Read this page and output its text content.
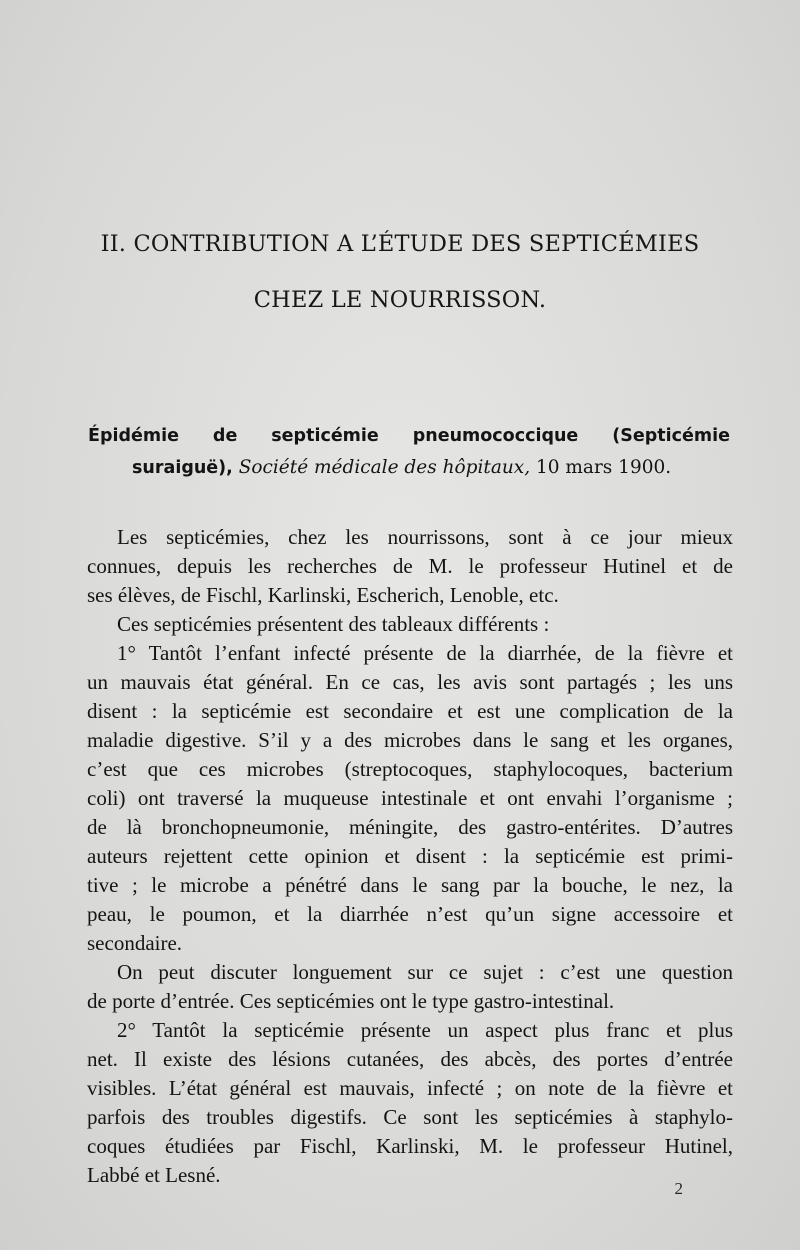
II. CONTRIBUTION A L’ÉTUDE DES SEPTICÉMIES
CHEZ LE NOURRISSON.
Épidémie de septicémie pneumococcique (Septicémie
suraiguë), Société médicale des hôpitaux, 10 mars 1900.
Les septicémies, chez les nourrissons, sont à ce jour mieux
connues, depuis les recherches de M. le professeur Hutinel et de
ses élèves, de Fischl, Karlinski, Escherich, Lenoble, etc.
Ces septicémies présentent des tableaux différents :
1° Tantôt l’enfant infecté présente de la diarrhée, de la fièvre et
un mauvais état général. En ce cas, les avis sont partagés ; les uns
disent : la septicémie est secondaire et est une complication de la
maladie digestive. S’il y a des microbes dans le sang et les organes,
c’est que ces microbes (streptocoques, staphylocoques, bacterium
coli) ont traversé la muqueuse intestinale et ont envahi l’organisme ;
de là bronchopneumonie, méningite, des gastro-entérites. D’autres
auteurs rejettent cette opinion et disent : la septicémie est primi-
tive ; le microbe a pénétré dans le sang par la bouche, le nez, la
peau, le poumon, et la diarrhée n’est qu’un signe accessoire et
secondaire.
On peut discuter longuement sur ce sujet : c’est une question
de porte d’entrée. Ces septicémies ont le type gastro-intestinal.
2° Tantôt la septicémie présente un aspect plus franc et plus
net. Il existe des lésions cutanées, des abcès, des portes d’entrée
visibles. L’état général est mauvais, infecté ; on note de la fièvre et
parfois des troubles digestifs. Ce sont les septicémies à staphylo-
coques étudiées par Fischl, Karlinski, M. le professeur Hutinel,
Labbé et Lesné.
2
